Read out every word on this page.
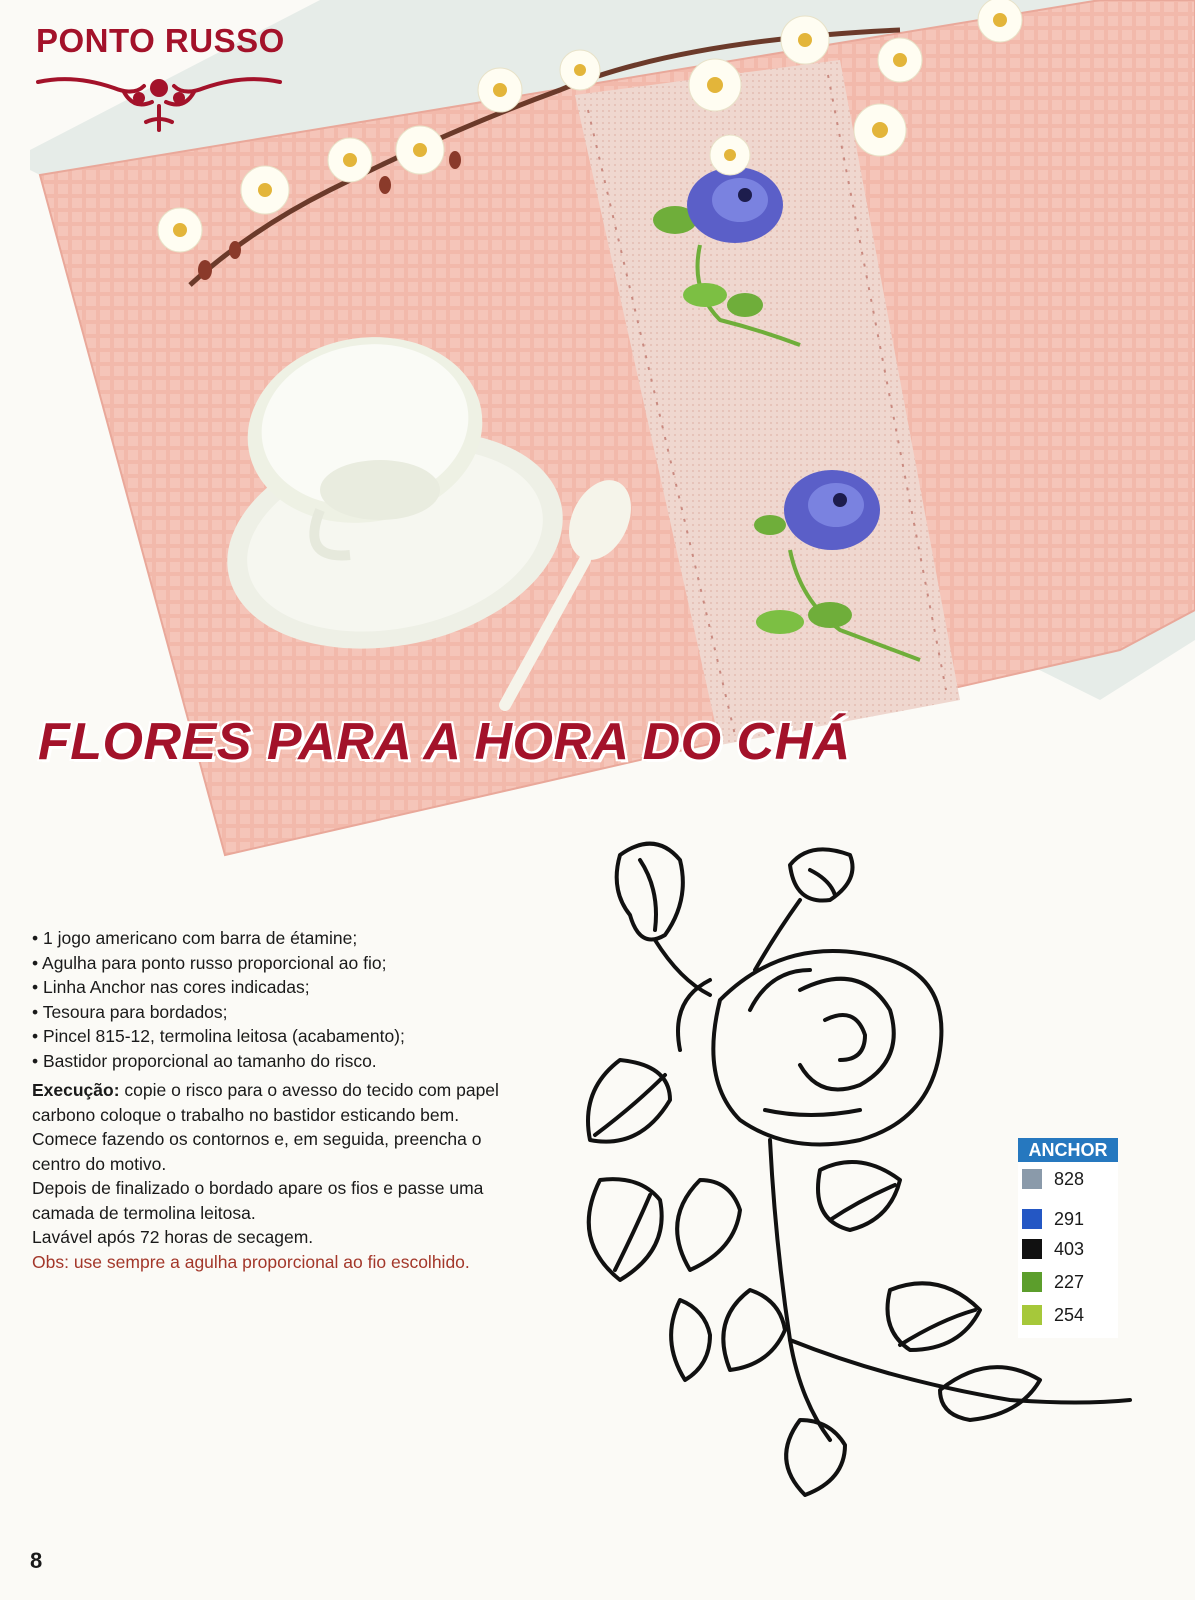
PONTO RUSSO
FLORES PARA A HORA DO CHÁ
• 1 jogo americano com barra de étamine;
• Agulha para ponto russo proporcional ao fio;
• Linha Anchor nas cores indicadas;
• Tesoura para bordados;
• Pincel 815-12, termolina leitosa (acabamento);
• Bastidor proporcional ao tamanho do risco.

Execução: copie o risco para o avesso do tecido com papel carbono coloque o trabalho no bastidor esticando bem. Comece fazendo os contornos e, em seguida, preencha o centro do motivo.

Depois de finalizado o bordado apare os fios e passe uma camada de termolina leitosa.

Lavável após 72 horas de secagem.

Obs: use sempre a agulha proporcional ao fio escolhido.

ANCHOR
828
291
403
227
254
8
